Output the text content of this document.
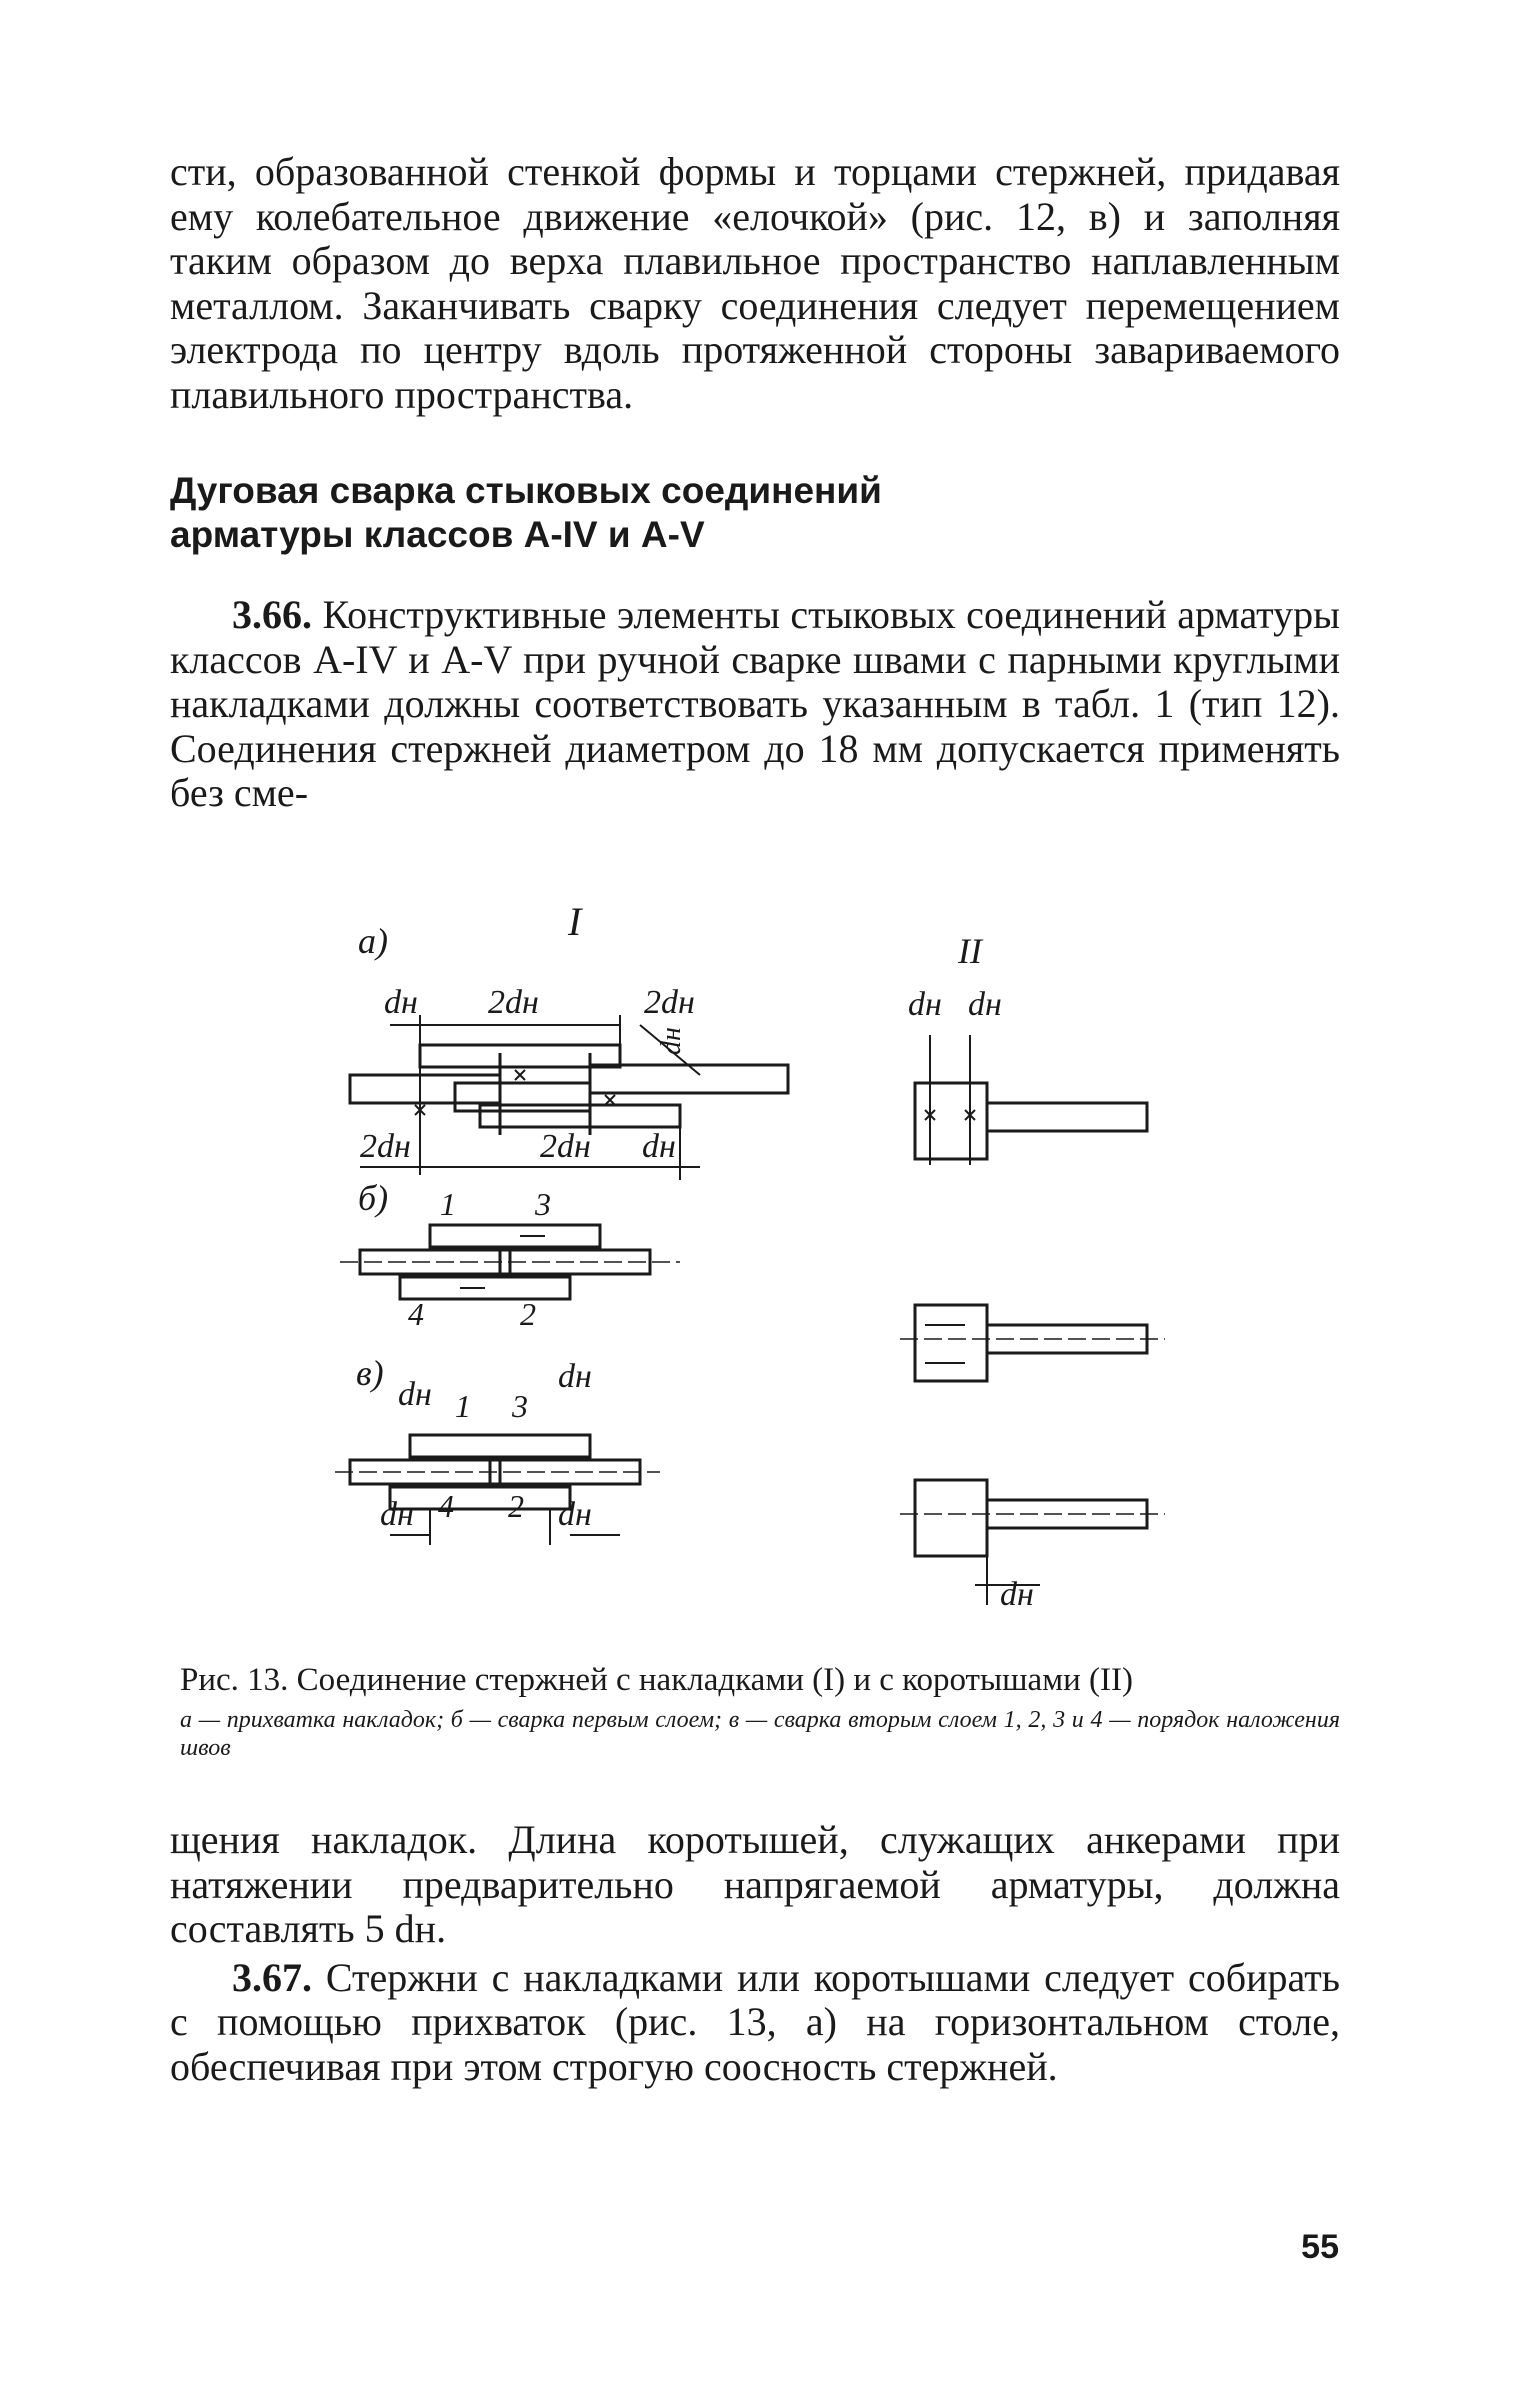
сти, образованной стенкой формы и торцами стержней, придавая ему колебательное движение «елочкой» (рис. 12, в) и заполняя таким образом до верха плавильное пространство наплавленным металлом. Заканчивать сварку соединения следует перемещением электрода по центру вдоль протяженной стороны завариваемого плавильного пространства.

Дуговая сварка стыковых соединений
арматуры классов А-IV и А-V

3.66. Конструктивные элементы стыковых соединений арматуры классов А-IV и А-V при ручной сварке швами с парными круглыми накладками должны соответствовать указанным в табл. 1 (тип 12). Соединения стержней диаметром до 18 мм допускается применять без сме-

а)	I
dн 2dн	2dн
2dн	2dн dн
dн
б) 1 3
4	2
в)
dн	dн
1 3
4 2
dн	dн
II
dн dн
dн

Рис. 13. Соединение стержней с накладками (I) и с коротышами (II)

а — прихватка накладок; б — сварка первым слоем; в — сварка вторым слоем 1, 2, 3 и 4 — порядок наложения швов

щения накладок. Длина коротышей, служащих анкерами при натяжении предварительно напрягаемой арматуры, должна составлять 5 dн.

3.67. Стержни с накладками или коротышами следует собирать с помощью прихваток (рис. 13, а) на горизонтальном столе, обеспечивая при этом строгую соосность стержней.

55
